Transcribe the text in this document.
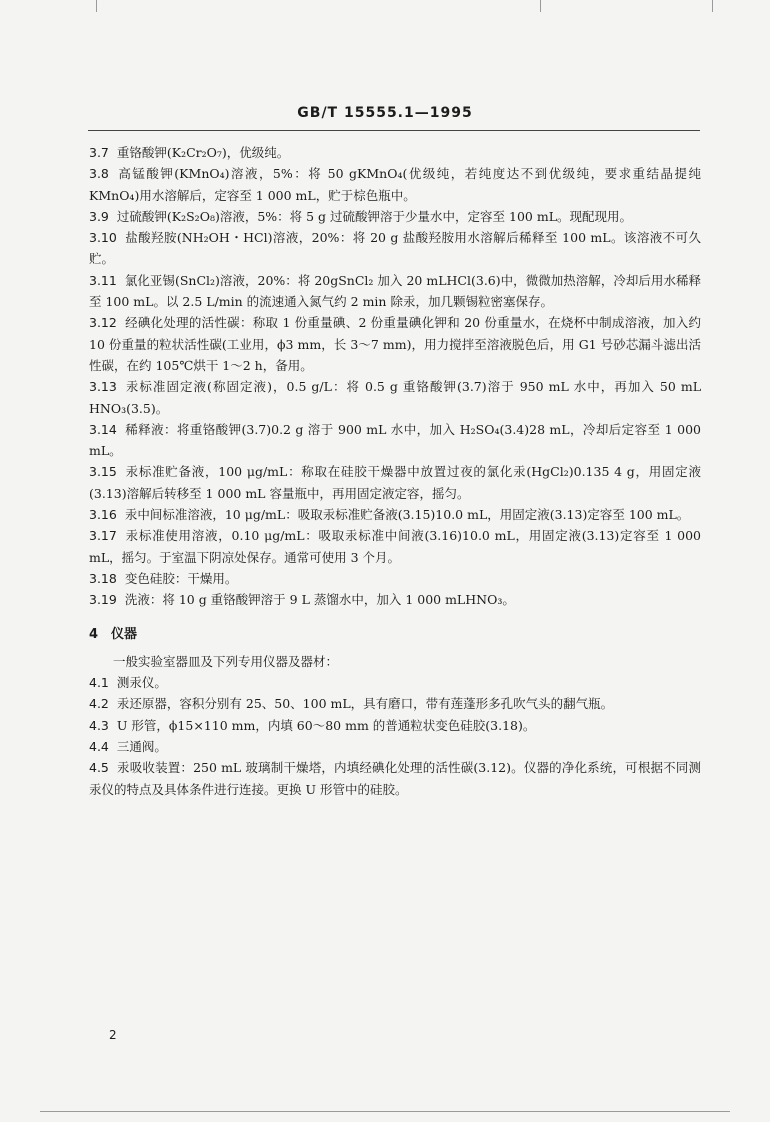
GB/T 15555.1—1995
3.7 重铬酸钾(K₂Cr₂O₇)，优级纯。
3.8 高锰酸钾(KMnO₄)溶液，5%：将 50 gKMnO₄(优级纯，若纯度达不到优级纯，要求重结晶提纯 KMnO₄)用水溶解后，定容至 1 000 mL，贮于棕色瓶中。
3.9 过硫酸钾(K₂S₂O₈)溶液，5%：将 5 g 过硫酸钾溶于少量水中，定容至 100 mL。现配现用。
3.10 盐酸羟胺(NH₂OH・HCl)溶液，20%：将 20 g 盐酸羟胺用水溶解后稀释至 100 mL。该溶液不可久贮。
3.11 氯化亚锡(SnCl₂)溶液，20%：将 20gSnCl₂ 加入 20 mLHCl(3.6)中，微微加热溶解，冷却后用水稀释至 100 mL。以 2.5 L/min 的流速通入氮气约 2 min 除汞，加几颗锡粒密塞保存。
3.12 经碘化处理的活性碳：称取 1 份重量碘、2 份重量碘化钾和 20 份重量水，在烧杯中制成溶液，加入约 10 份重量的粒状活性碳(工业用，ϕ3 mm，长 3～7 mm)，用力搅拌至溶液脱色后，用 G1 号砂芯漏斗滤出活性碳，在约 105℃烘干 1～2 h，备用。
3.13 汞标准固定液(称固定液)，0.5 g/L：将 0.5 g 重铬酸钾(3.7)溶于 950 mL 水中，再加入 50 mL HNO₃(3.5)。
3.14 稀释液：将重铬酸钾(3.7)0.2 g 溶于 900 mL 水中，加入 H₂SO₄(3.4)28 mL，冷却后定容至 1 000 mL。
3.15 汞标准贮备液，100 μg/mL：称取在硅胶干燥器中放置过夜的氯化汞(HgCl₂)0.135 4 g，用固定液(3.13)溶解后转移至 1 000 mL 容量瓶中，再用固定液定容，摇匀。
3.16 汞中间标准溶液，10 μg/mL：吸取汞标准贮备液(3.15)10.0 mL，用固定液(3.13)定容至 100 mL。
3.17 汞标准使用溶液，0.10 μg/mL：吸取汞标准中间液(3.16)10.0 mL，用固定液(3.13)定容至 1 000 mL，摇匀。于室温下阴凉处保存。通常可使用 3 个月。
3.18 变色硅胶：干燥用。
3.19 洗液：将 10 g 重铬酸钾溶于 9 L 蒸馏水中，加入 1 000 mLHNO₃。
4　仪器
一般实验室器皿及下列专用仪器及器材：
4.1 测汞仪。
4.2 汞还原器，容积分别有 25、50、100 mL，具有磨口，带有莲蓬形多孔吹气头的翻气瓶。
4.3 U 形管，ϕ15×110 mm，内填 60～80 mm 的普通粒状变色硅胶(3.18)。
4.4 三通阀。
4.5 汞吸收装置：250 mL 玻璃制干燥塔，内填经碘化处理的活性碳(3.12)。仪器的净化系统，可根据不同测汞仪的特点及具体条件进行连接。更换 U 形管中的硅胶。
2
